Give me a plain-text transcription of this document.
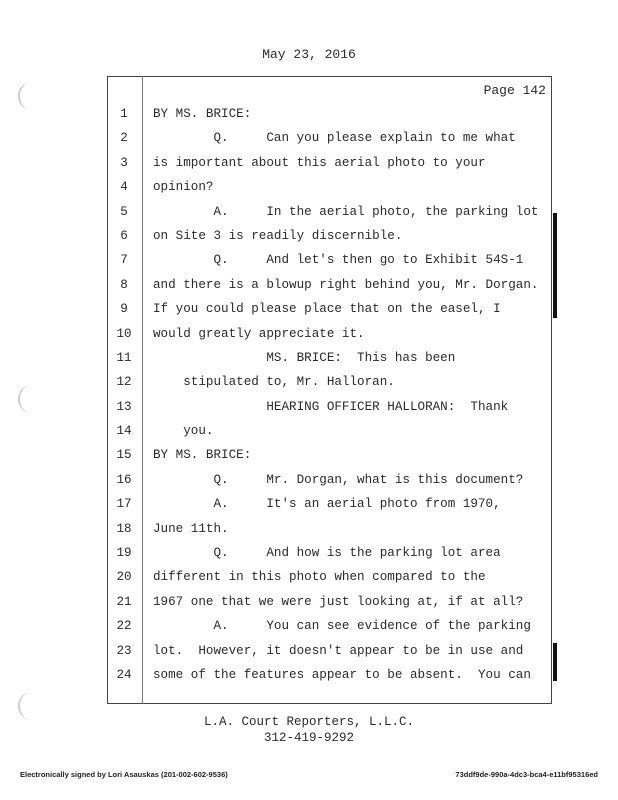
May 23, 2016
Page 142
1	BY MS. BRICE:
2	Q.     Can you please explain to me what
3	is important about this aerial photo to your
4	opinion?
5	A.     In the aerial photo, the parking lot
6	on Site 3 is readily discernible.
7	Q.     And let's then go to Exhibit 54S-1
8	and there is a blowup right behind you, Mr. Dorgan.
9	If you could please place that on the easel, I
10	would greatly appreciate it.
11	MS. BRICE:  This has been
12	stipulated to, Mr. Halloran.
13	HEARING OFFICER HALLORAN:  Thank
14	you.
15	BY MS. BRICE:
16	Q.     Mr. Dorgan, what is this document?
17	A.     It's an aerial photo from 1970,
18	June 11th.
19	Q.     And how is the parking lot area
20	different in this photo when compared to the
21	1967 one that we were just looking at, if at all?
22	A.     You can see evidence of the parking
23	lot.  However, it doesn't appear to be in use and
24	some of the features appear to be absent.  You can
L.A. Court Reporters, L.L.C.
312-419-9292
Electronically signed by Lori Asauskas (201-002-602-9536)	73ddf9de-990a-4dc3-bca4-e11bf95316ed
